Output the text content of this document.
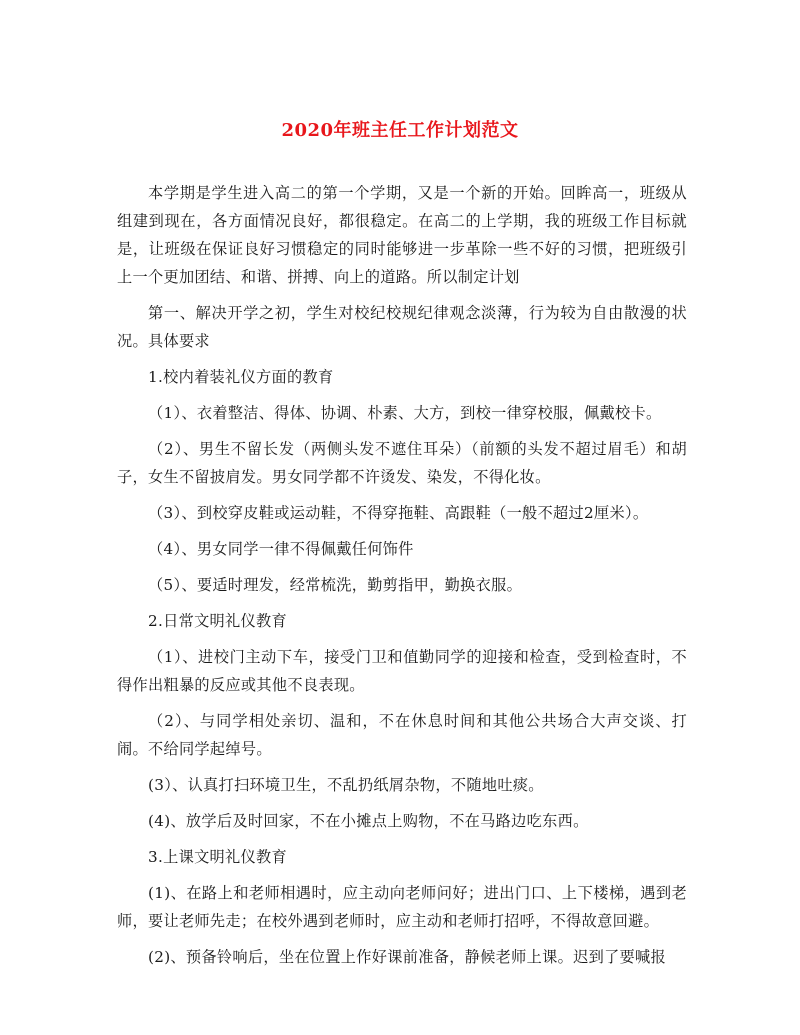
2020年班主任工作计划范文

本学期是学生进入高二的第一个学期，又是一个新的开始。回眸高一，班级从组建到现在，各方面情况良好，都很稳定。在高二的上学期，我的班级工作目标就是，让班级在保证良好习惯稳定的同时能够进一步革除一些不好的习惯，把班级引上一个更加团结、和谐、拼搏、向上的道路。所以制定计划

第一、解决开学之初，学生对校纪校规纪律观念淡薄，行为较为自由散漫的状况。具体要求

1.校内着装礼仪方面的教育

（1）、衣着整洁、得体、协调、朴素、大方，到校一律穿校服，佩戴校卡。

（2）、男生不留长发（两侧头发不遮住耳朵）（前额的头发不超过眉毛）和胡子，女生不留披肩发。男女同学都不许烫发、染发，不得化妆。

（3）、到校穿皮鞋或运动鞋，不得穿拖鞋、高跟鞋（一般不超过2厘米）。

（4）、男女同学一律不得佩戴任何饰件

（5）、要适时理发，经常梳洗，勤剪指甲，勤换衣服。

2.日常文明礼仪教育

（1）、进校门主动下车，接受门卫和值勤同学的迎接和检查，受到检查时，不得作出粗暴的反应或其他不良表现。

（2）、与同学相处亲切、温和，不在休息时间和其他公共场合大声交谈、打闹。不给同学起绰号。

(3）、认真打扫环境卫生，不乱扔纸屑杂物，不随地吐痰。

(4)、放学后及时回家，不在小摊点上购物，不在马路边吃东西。

3.上课文明礼仪教育

(1)、在路上和老师相遇时，应主动向老师问好；进出门口、上下楼梯，遇到老师，要让老师先走；在校外遇到老师时，应主动和老师打招呼，不得故意回避。

(2)、预备铃响后，坐在位置上作好课前准备，静候老师上课。迟到了要喊报
